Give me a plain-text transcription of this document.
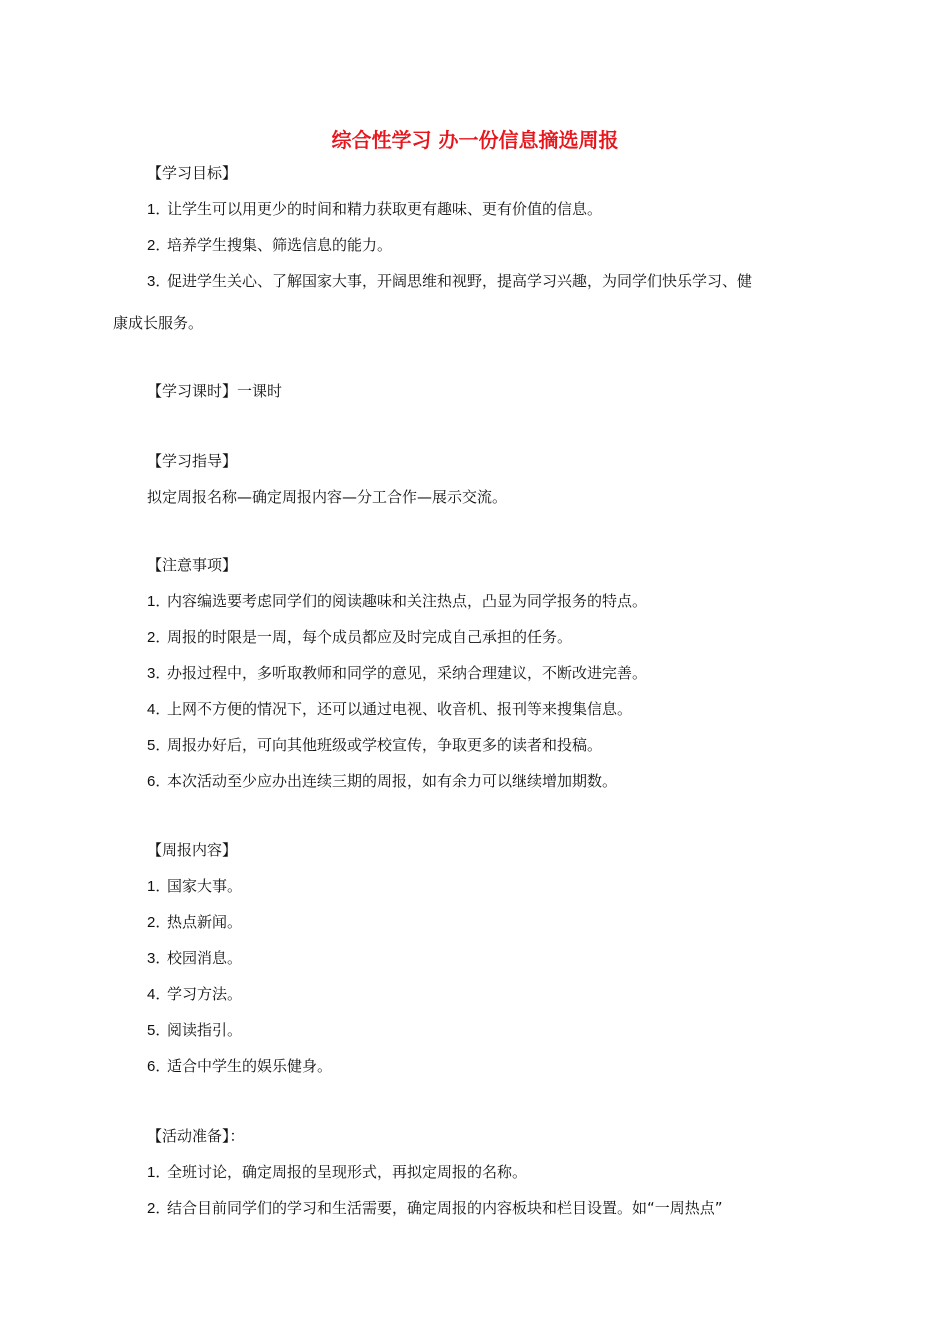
综合性学习 办一份信息摘选周报
【学习目标】
1．让学生可以用更少的时间和精力获取更有趣味、更有价值的信息。
2．培养学生搜集、筛选信息的能力。
3．促进学生关心、了解国家大事，开阔思维和视野，提高学习兴趣，为同学们快乐学习、健
康成长服务。
【学习课时】一课时
【学习指导】
拟定周报名称—确定周报内容—分工合作—展示交流。
【注意事项】
1．内容编选要考虑同学们的阅读趣味和关注热点，凸显为同学报务的特点。
2．周报的时限是一周，每个成员都应及时完成自己承担的任务。
3．办报过程中，多听取教师和同学的意见，采纳合理建议，不断改进完善。
4．上网不方便的情况下，还可以通过电视、收音机、报刊等来搜集信息。
5．周报办好后，可向其他班级或学校宣传，争取更多的读者和投稿。
6．本次活动至少应办出连续三期的周报，如有余力可以继续增加期数。
【周报内容】
1．国家大事。
2．热点新闻。
3．校园消息。
4．学习方法。
5．阅读指引。
6．适合中学生的娱乐健身。
【活动准备】：
1．全班讨论，确定周报的呈现形式，再拟定周报的名称。
2．结合目前同学们的学习和生活需要，确定周报的内容板块和栏目设置。如“一周热点”
